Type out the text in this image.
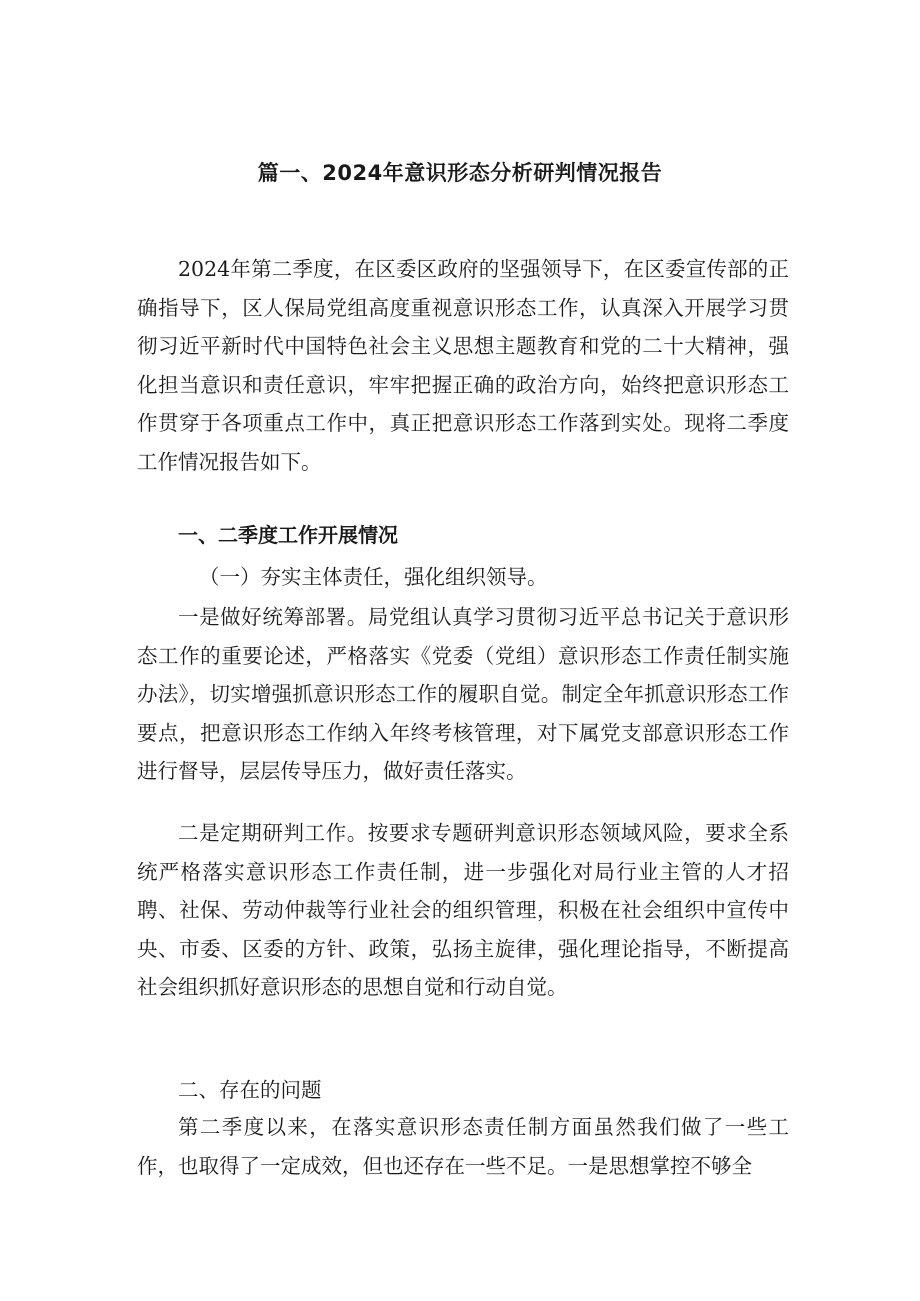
篇一、2024年意识形态分析研判情况报告

2024年第二季度，在区委区政府的坚强领导下，在区委宣传部的正确指导下，区人保局党组高度重视意识形态工作，认真深入开展学习贯彻习近平新时代中国特色社会主义思想主题教育和党的二十大精神，强化担当意识和责任意识，牢牢把握正确的政治方向，始终把意识形态工作贯穿于各项重点工作中，真正把意识形态工作落到实处。现将二季度工作情况报告如下。

一、二季度工作开展情况
（一）夯实主体责任，强化组织领导。

一是做好统筹部署。局党组认真学习贯彻习近平总书记关于意识形态工作的重要论述，严格落实《党委（党组）意识形态工作责任制实施办法》，切实增强抓意识形态工作的履职自觉。制定全年抓意识形态工作要点，把意识形态工作纳入年终考核管理，对下属党支部意识形态工作进行督导，层层传导压力，做好责任落实。

二是定期研判工作。按要求专题研判意识形态领域风险，要求全系统严格落实意识形态工作责任制，进一步强化对局行业主管的人才招聘、社保、劳动仲裁等行业社会的组织管理，积极在社会组织中宣传中央、市委、区委的方针、政策，弘扬主旋律，强化理论指导，不断提高社会组织抓好意识形态的思想自觉和行动自觉。

二、存在的问题

第二季度以来，在落实意识形态责任制方面虽然我们做了一些工作，也取得了一定成效，但也还存在一些不足。一是思想掌控不够全
